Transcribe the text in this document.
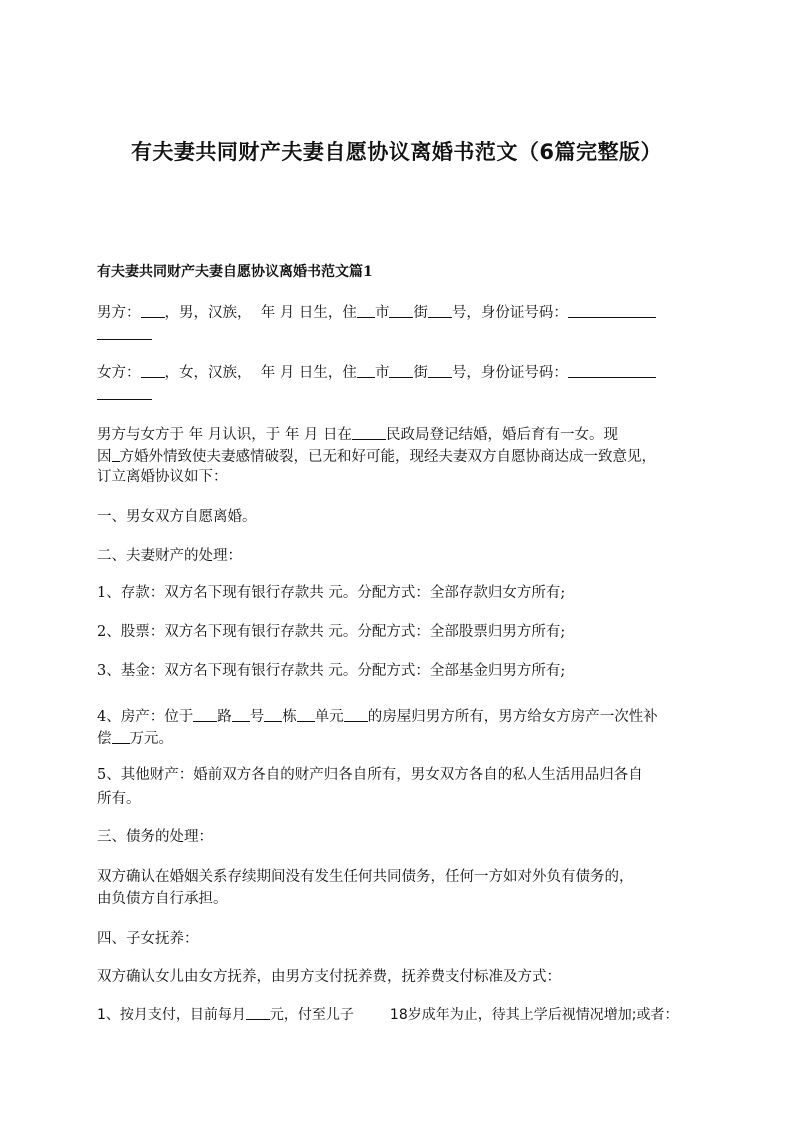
有夫妻共同财产夫妻自愿协议离婚书范文（6篇完整版）
有夫妻共同财产夫妻自愿协议离婚书范文篇1
男方： ，男，汉族， 年 月 日生，住 市 街 号，身份证号码：
女方： ，女，汉族， 年 月 日生，住 市 街 号，身份证号码：
男方与女方于 年 月认识，于 年 月 日在 民政局登记结婚，婚后育有一女。现
因 方婚外情致使夫妻感情破裂，已无和好可能，现经夫妻双方自愿协商达成一致意见，
订立离婚协议如下：
一、男女双方自愿离婚。
二、夫妻财产的处理：
1、存款：双方名下现有银行存款共 元。分配方式：全部存款归女方所有;
2、股票：双方名下现有银行存款共 元。分配方式：全部股票归男方所有;
3、基金：双方名下现有银行存款共 元。分配方式：全部基金归男方所有;
4、房产：位于 路 号 栋 单元 的房屋归男方所有，男方给女方房产一次性补
偿 万元。
5、其他财产：婚前双方各自的财产归各自所有，男女双方各自的私人生活用品归各自
所有。
三、债务的处理：
双方确认在婚姻关系存续期间没有发生任何共同债务，任何一方如对外负有债务的，
由负债方自行承担。
四、子女抚养：
双方确认女儿由女方抚养，由男方支付抚养费，抚养费支付标准及方式：
1、按月支付，目前每月 元，付至儿子	18岁成年为止，待其上学后视情况增加;或者：
